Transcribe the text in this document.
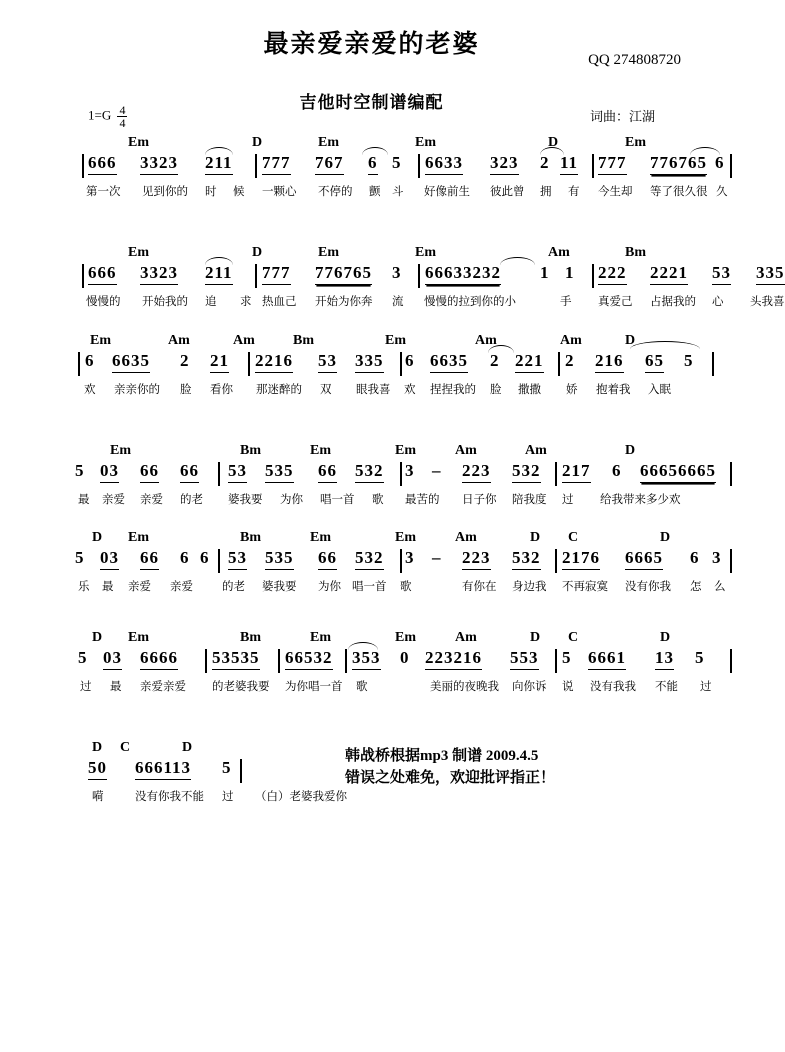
最亲爱亲爱的老婆
QQ 274808720
吉他时空制谱编配
词曲：江湖
$1=G \frac{4}{4}$
Em	D	Em	Em	D	Em
666 3323 211 777 767 6 5 6633 323 2 11 777 776765 6
第一次 见到你的 时 候 一颗心 不停的 颤 斗 好像前生 彼此曾 拥 有 今生却 等了很久很 久
Em	D	Em	Em	Am	Bm
666 3323 211 777 776765 3 66633232 1 1 222 2221 53 335
慢慢的 开始我的 追 求 热血己 开始为你奔 流 慢慢的拉到你的小	手 真爱己 占据我的 心 头我喜
Em	Am	Am	Bm	Em	Am	Am	D
6 6635 2 21 2216 53 335 6 6635 2 221 2 216 65 5
欢 亲亲你的 脸 看你 那迷醉的 双 眼我喜 欢 捏捏我的 脸 撒撒 娇 抱着我 入眠
Em	Bm	Em	Em	Am	Am	D
5 03 66 66 53 535 66 532 3 – 223 532 217 6 66656665
最 亲爱 亲爱 的老 婆我要 为你 唱一首 歌 最苦的 日子你 陪我度 过 给我带来多少欢
D Em	Bm	Em	Em	Am	D C	D
5 03 66 6 6 53 535 66 532 3 – 223 532 2176 6665 6 3
乐 最 亲爱 亲爱	的老 婆我要 为你 唱一首 歌	有你在 身边我 不再寂寞 没有你我 怎 么
D Em	Bm	Em	Em	Am	D C	D
5 03 6666 53535 66532 353 0 223216 553 5 6661 13 5
过 最 亲爱亲爱 的老婆我要 为你唱一首 歌	美丽的夜晚我 向你诉 说 没有我我 不能 过
D C	D
50 666113 5
嗬	没有你我不能 过 （白）老婆我爱你
韩战桥根据mp3 制谱 2009.4.5
错误之处难免，欢迎批评指正！
